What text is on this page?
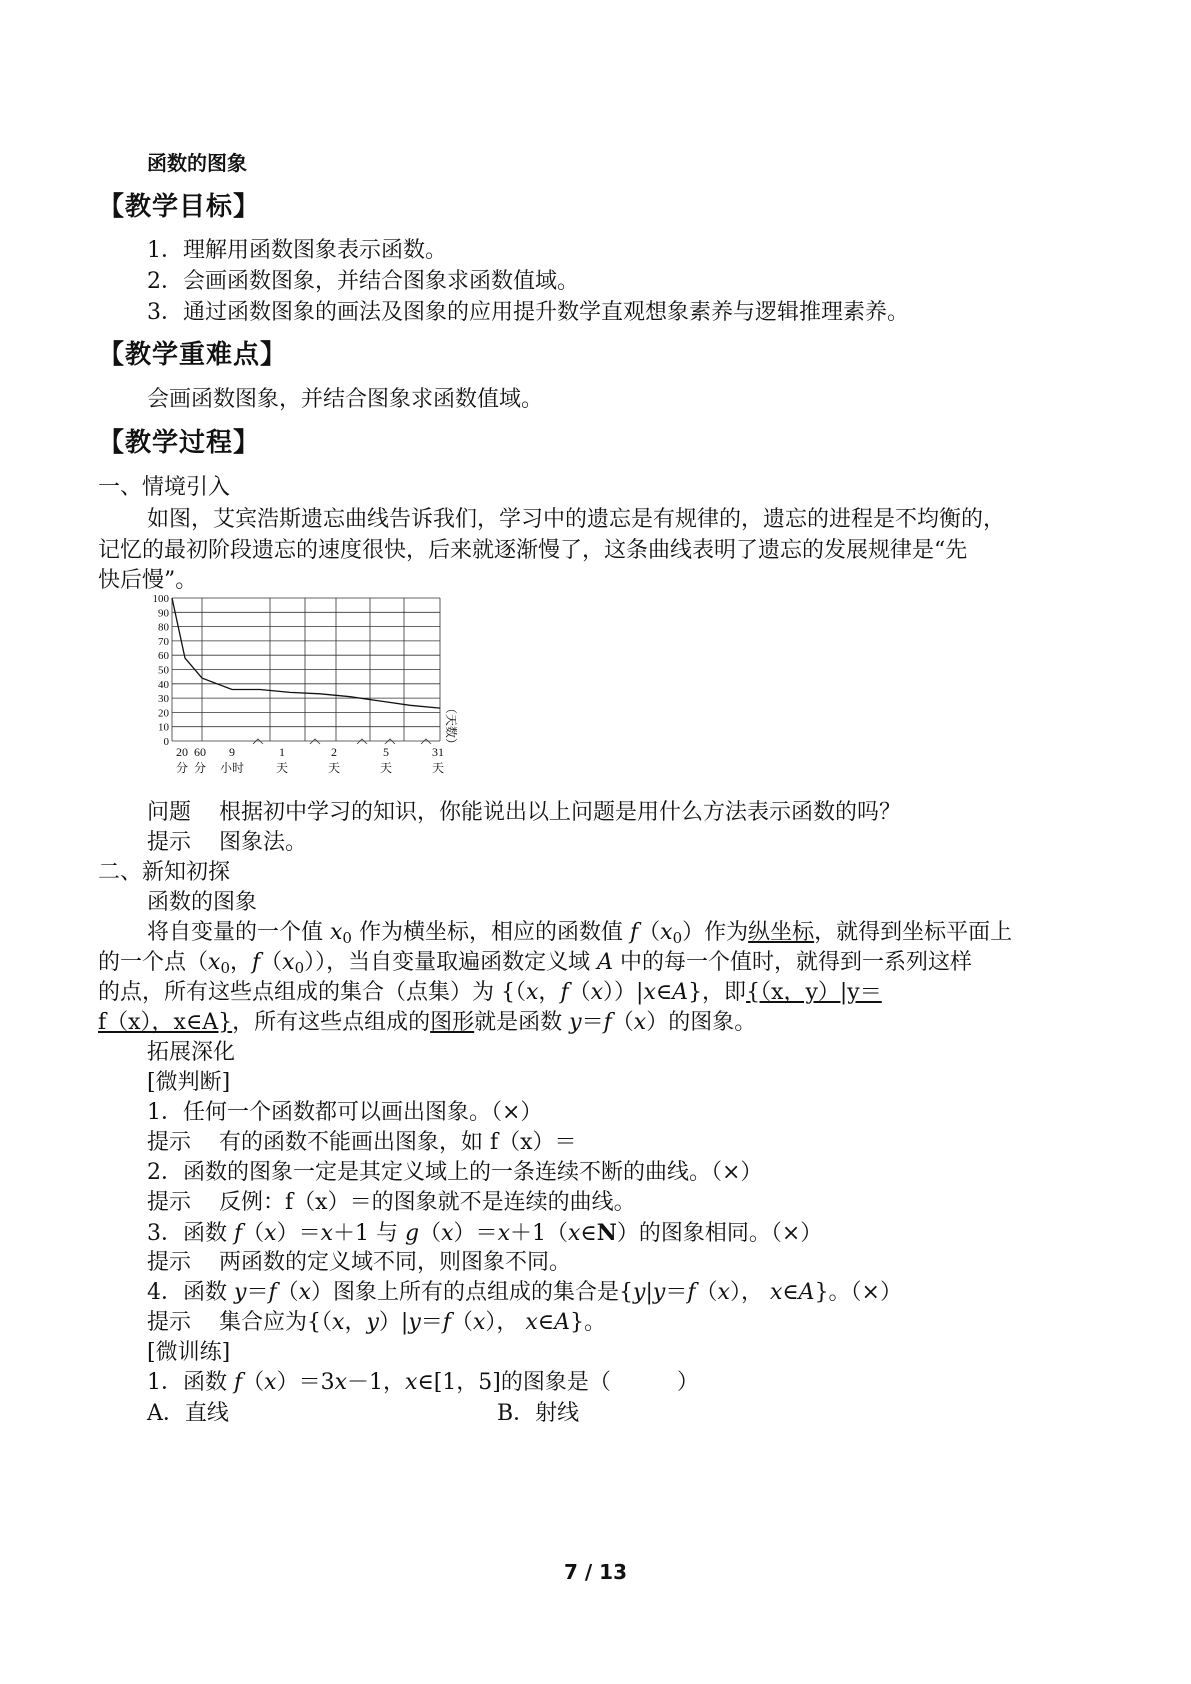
函数的图象
【教学目标】
1．理解用函数图象表示函数。
2．会画函数图象，并结合图象求函数值域。
3．通过函数图象的画法及图象的应用提升数学直观想象素养与逻辑推理素养。
【教学重难点】
会画函数图象，并结合图象求函数值域。
【教学过程】
一、情境引入
如图，艾宾浩斯遗忘曲线告诉我们，学习中的遗忘是有规律的，遗忘的进程是不均衡的，
记忆的最初阶段遗忘的速度很快，后来就逐渐慢了，这条曲线表明了遗忘的发展规律是“先
快后慢”。
0
10
20
30
40
50
60
70
80
90
100
20 60 9	1	2	5	31
分 分 小时	天	天	天	天
（天数）
问题 根据初中学习的知识，你能说出以上问题是用什么方法表示函数的吗？
提示 图象法。
二、新知初探
函数的图象
将自变量的一个值 $x_0$ 作为横坐标，相应的函数值 $f(x_0)$作为纵坐标，就得到坐标平面上
的一个点（$x_0$，$f(x_0)$），当自变量取遍函数定义域 A 中的每一个值时，就得到一系列这样
的点，所有这些点组成的集合（点集）为 {（x，f（x））|x∈A}，即{（x，y）|y＝
f（x），x∈A}，所有这些点组成的图形就是函数 y＝f（x）的图象。
拓展深化
[微判断]
1．任何一个函数都可以画出图象。（×）
提示 有的函数不能画出图象，如 f（x）＝
2．函数的图象一定是其定义域上的一条连续不断的曲线。（×）
提示 反例：f（x）＝的图象就不是连续的曲线。
3．函数 f（x）＝x＋1 与 g（x）＝x＋1（x∈N）的图象相同。（×）
提示 两函数的定义域不同，则图象不同。
4．函数 y＝f（x）图象上所有的点组成的集合是{y|y＝f（x）， x∈A}。（×）
提示 集合应为{（x，y）|y＝f（x）， x∈A}。
[微训练]
1．函数 f（x）＝3x－1，x∈[1，5]的图象是（　　　）
A．直线	B．射线
7 / 13
